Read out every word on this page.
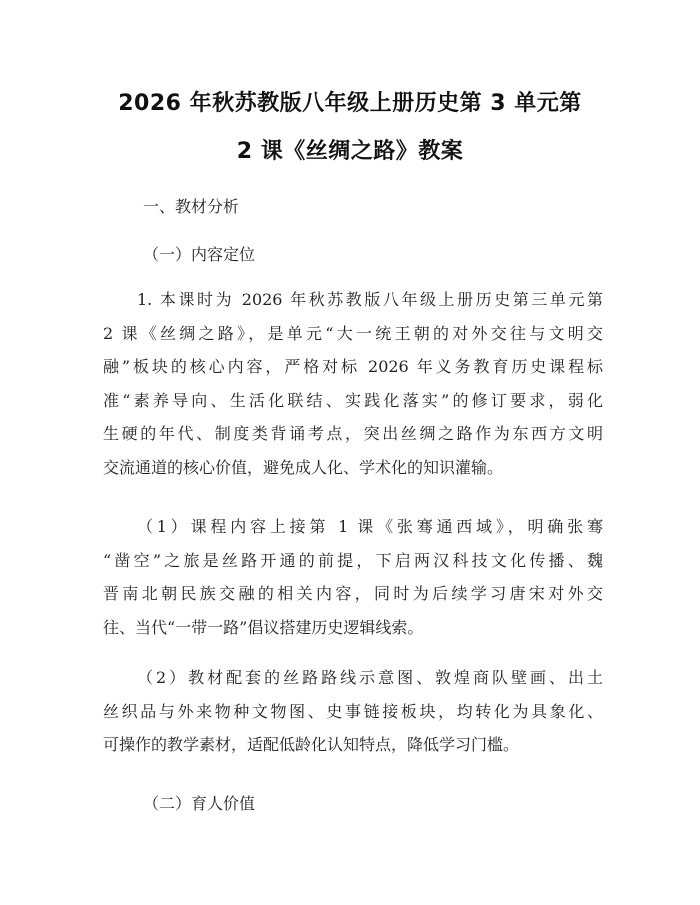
2026 年秋苏教版八年级上册历史第 3 单元第
2 课《丝绸之路》教案
一、教材分析
（一）内容定位
1. 本课时为 2026 年秋苏教版八年级上册历史第三单元第
2 课《丝绸之路》，是单元“大一统王朝的对外交往与文明交
融”板块的核心内容，严格对标 2026 年义务教育历史课程标
准“素养导向、生活化联结、实践化落实”的修订要求，弱化
生硬的年代、制度类背诵考点，突出丝绸之路作为东西方文明
交流通道的核心价值，避免成人化、学术化的知识灌输。
（1）课程内容上接第 1 课《张骞通西域》，明确张骞
“凿空”之旅是丝路开通的前提，下启两汉科技文化传播、魏
晋南北朝民族交融的相关内容，同时为后续学习唐宋对外交
往、当代“一带一路”倡议搭建历史逻辑线索。
（2）教材配套的丝路路线示意图、敦煌商队壁画、出土
丝织品与外来物种文物图、史事链接板块，均转化为具象化、
可操作的教学素材，适配低龄化认知特点，降低学习门槛。
（二）育人价值
